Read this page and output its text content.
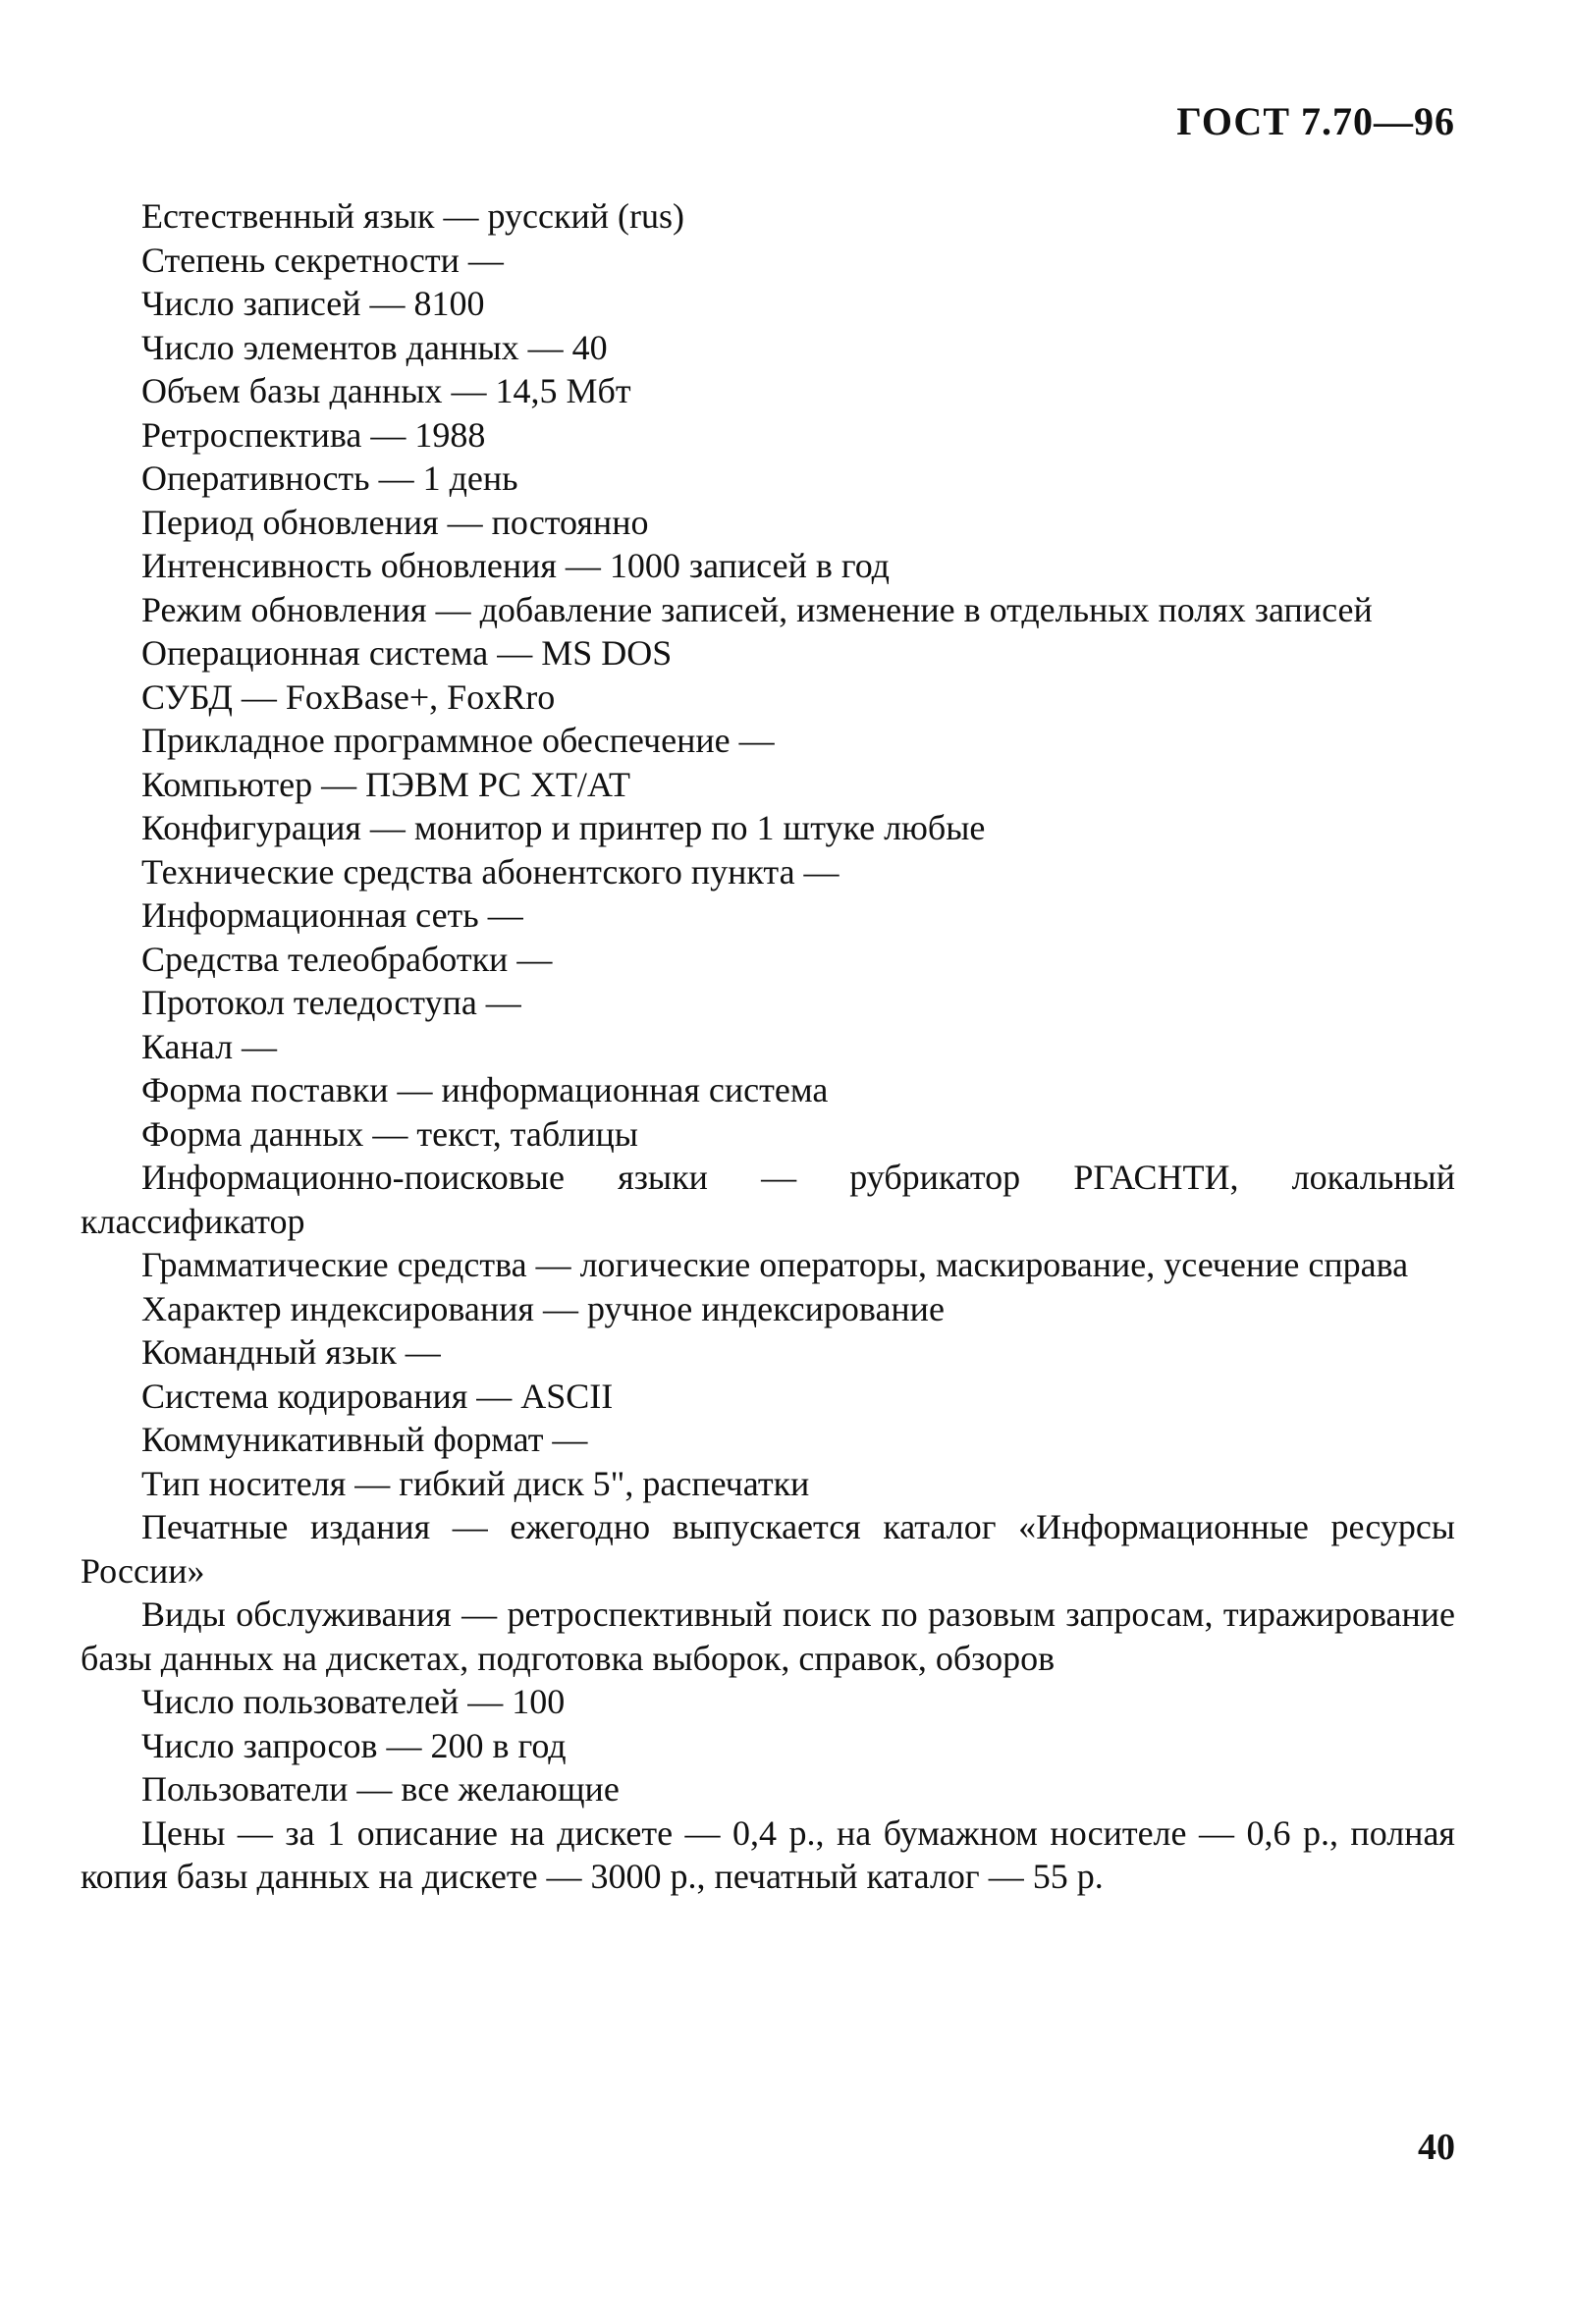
ГОСТ 7.70—96

Естественный язык — русский (rus)

Степень секретности —

Число записей — 8100

Число элементов данных — 40

Объем базы данных — 14,5 Мбт

Ретроспектива — 1988

Оперативность — 1 день

Период обновления — постоянно

Интенсивность обновления — 1000 записей в год

Режим обновления — добавление записей, изменение в отдельных полях записей

Операционная система — MS DOS

СУБД — FoxBase+, FoxRro

Прикладное программное обеспечение —

Компьютер — ПЭВМ PC XT/AT

Конфигурация — монитор и принтер по 1 штуке любые

Технические средства абонентского пункта —

Информационная сеть —

Средства телеобработки —

Протокол теледоступа —

Канал —

Форма поставки — информационная система

Форма данных — текст, таблицы

Информационно-поисковые языки — рубрикатор РГАСНТИ, локальный классификатор

Грамматические средства — логические операторы, маскирование, усечение справа

Характер индексирования — ручное индексирование

Командный язык —

Система кодирования — ASCII

Коммуникативный формат —

Тип носителя — гибкий диск 5", распечатки

Печатные издания — ежегодно выпускается каталог «Информационные ресурсы России»

Виды обслуживания — ретроспективный поиск по разовым запросам, тиражирование базы данных на дискетах, подготовка выборок, справок, обзоров

Число пользователей — 100

Число запросов — 200 в год

Пользователи — все желающие

Цены — за 1 описание на дискете — 0,4 р., на бумажном носителе — 0,6 р., полная копия базы данных на дискете — 3000 р., печатный каталог — 55 р.

40
